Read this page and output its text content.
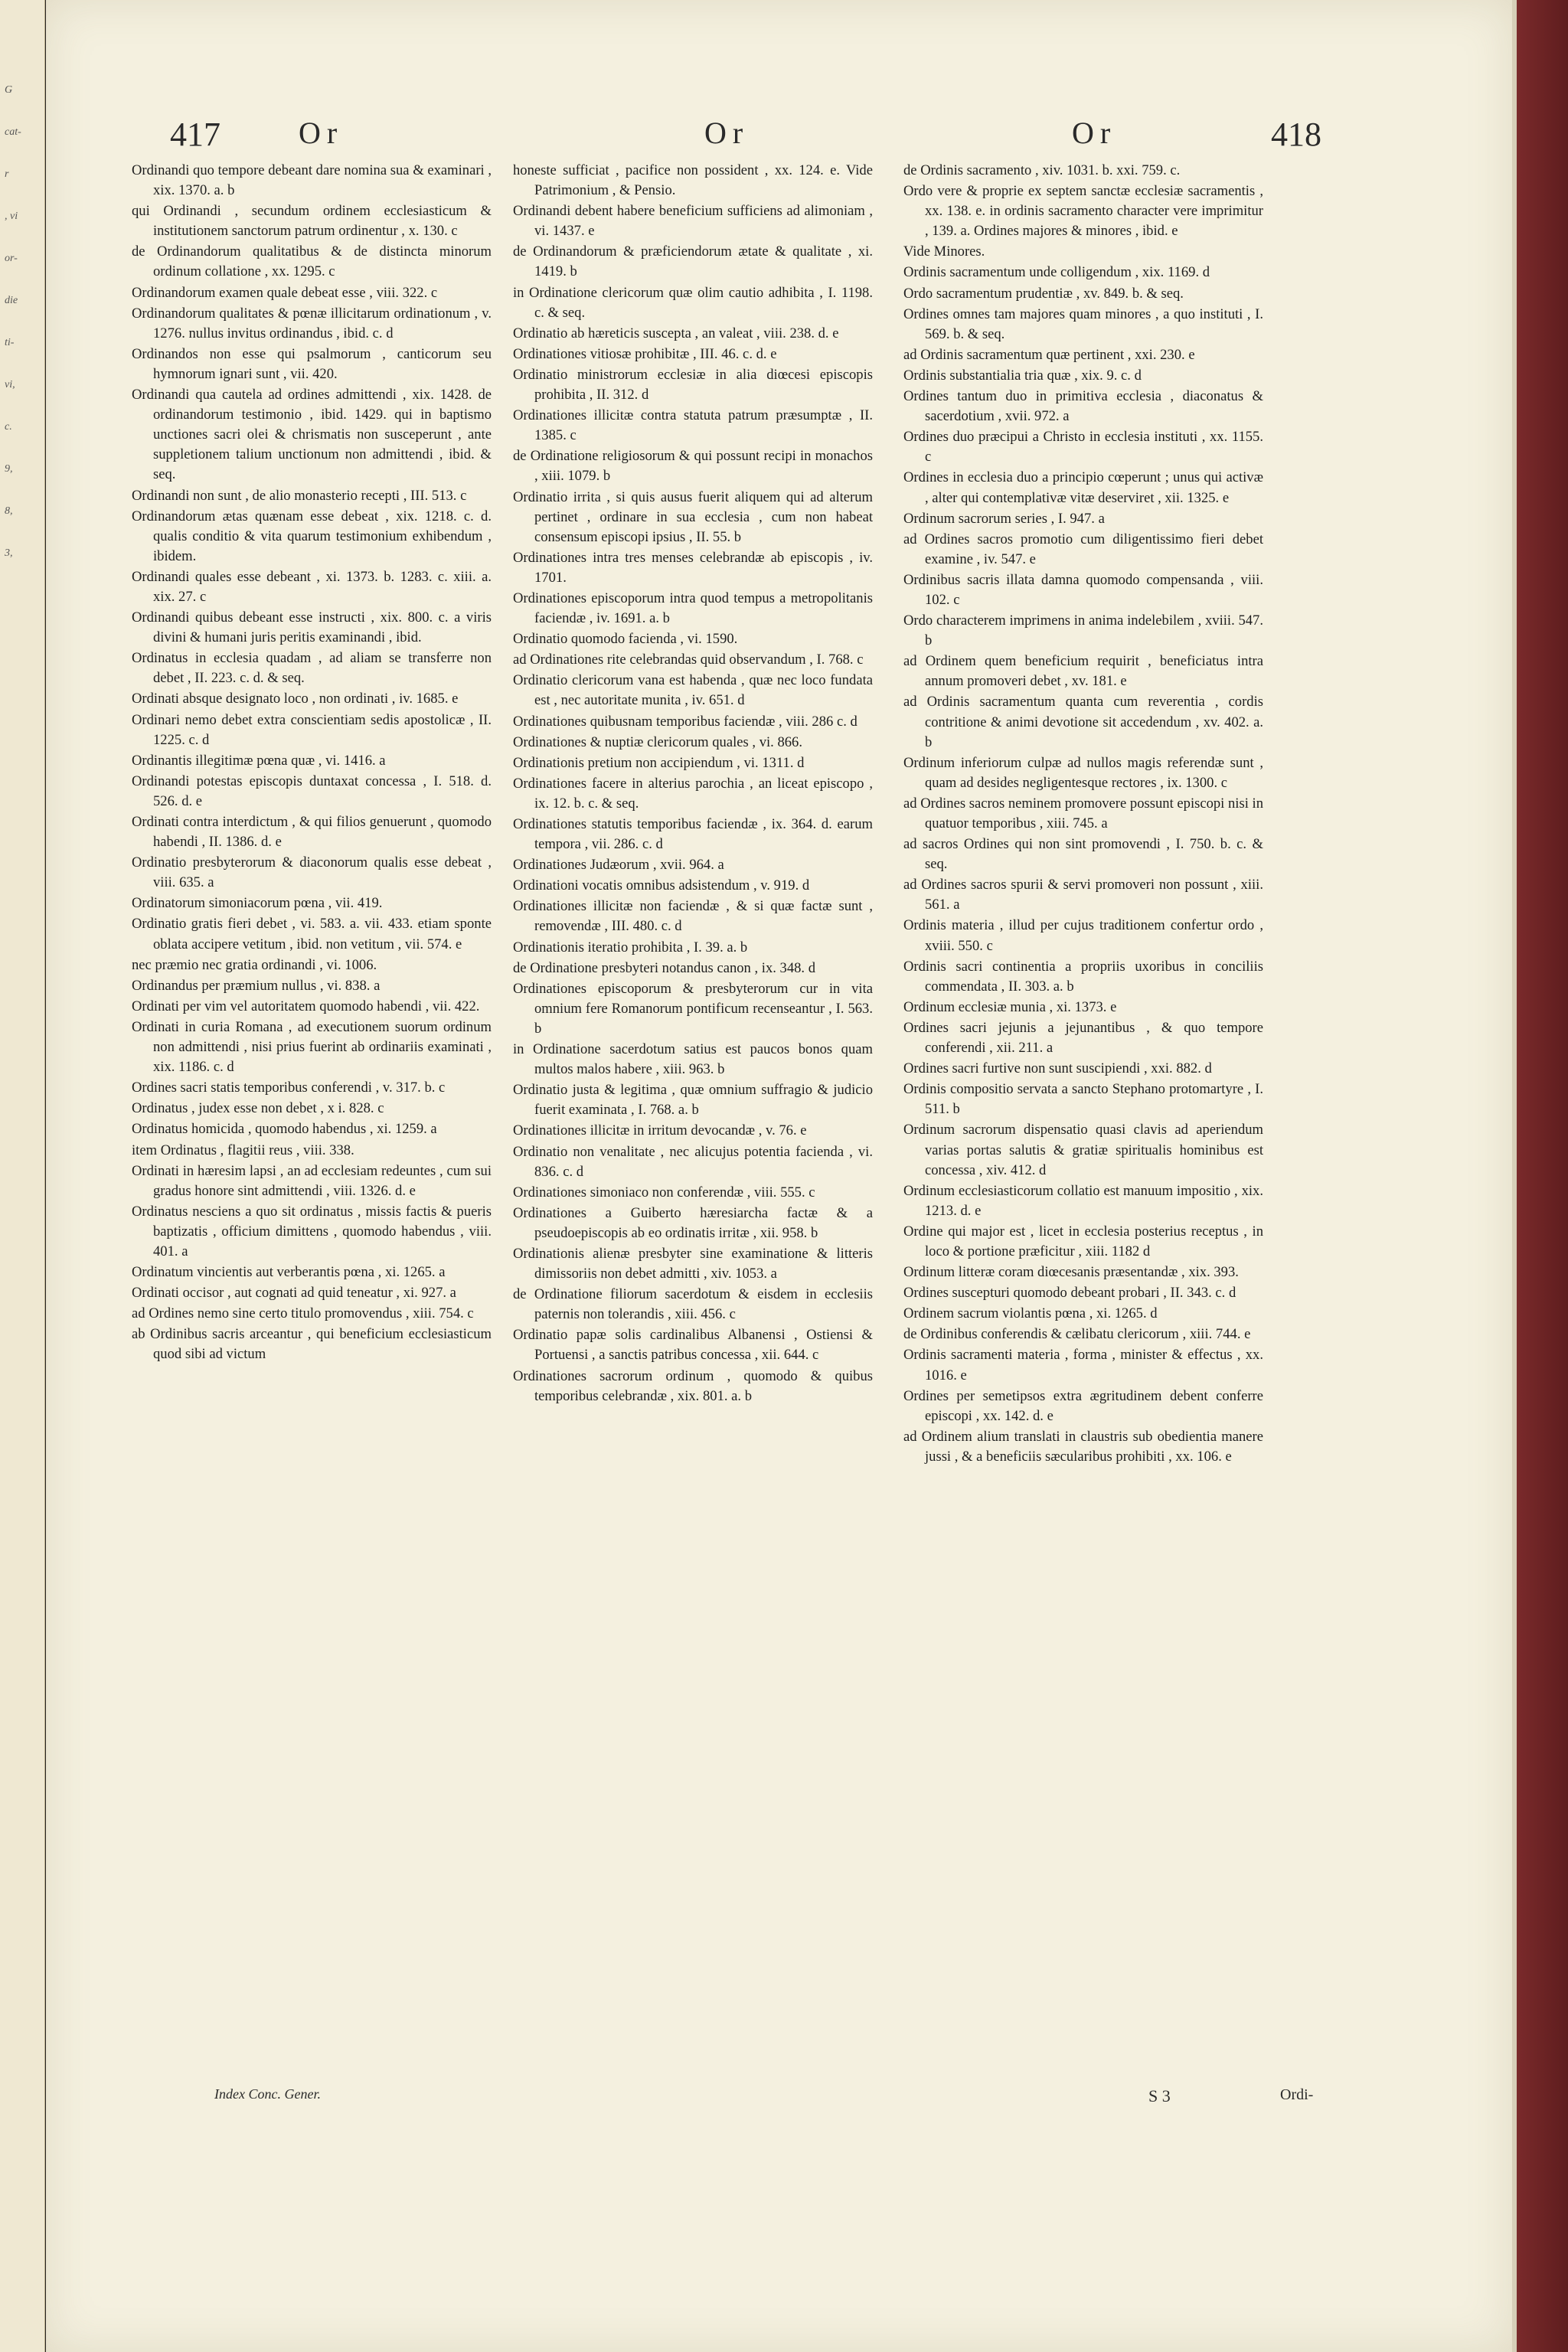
G
cat-
r
, vi
or-
die
ti-
vi,
c.
9,
8,
3,
417	Or	Or	Or	418

Ordinandi quo tempore debeant dare nomina sua & examinari , xix. 1370. a. b

qui Ordinandi , secundum ordinem ecclesiasticum & institutionem sanctorum patrum ordinentur , x. 130. c

de Ordinandorum qualitatibus & de distincta minorum ordinum collatione , xx. 1295. c

Ordinandorum examen quale debeat esse , viii. 322. c

Ordinandorum qualitates & pœnæ illicitarum ordinationum , v. 1276. nullus invitus ordinandus , ibid. c. d

Ordinandos non esse qui psalmorum , canticorum seu hymnorum ignari sunt , vii. 420.

Ordinandi qua cautela ad ordines admittendi , xix. 1428. de ordinandorum testimonio , ibid. 1429. qui in baptismo unctiones sacri olei & chrismatis non susceperunt , ante suppletionem talium unctionum non admittendi , ibid. & seq.

Ordinandi non sunt , de alio monasterio recepti , III. 513. c

Ordinandorum ætas quænam esse debeat , xix. 1218. c. d. qualis conditio & vita quarum testimonium exhibendum , ibidem.

Ordinandi quales esse debeant , xi. 1373. b. 1283. c. xiii. a. xix. 27. c

Ordinandi quibus debeant esse instructi , xix. 800. c. a viris divini & humani juris peritis examinandi , ibid.

Ordinatus in ecclesia quadam , ad aliam se transferre non debet , II. 223. c. d. & seq.

Ordinati absque designato loco , non ordinati , iv. 1685. e

Ordinari nemo debet extra conscientiam sedis apostolicæ , II. 1225. c. d

Ordinantis illegitimæ pœna quæ , vi. 1416. a

Ordinandi potestas episcopis duntaxat concessa , I. 518. d. 526. d. e

Ordinati contra interdictum , & qui filios genuerunt , quomodo habendi , II. 1386. d. e

Ordinatio presbyterorum & diaconorum qualis esse debeat , viii. 635. a

Ordinatorum simoniacorum pœna , vii. 419.

Ordinatio gratis fieri debet , vi. 583. a. vii. 433. etiam sponte oblata accipere vetitum , ibid. non vetitum , vii. 574. e

nec præmio nec gratia ordinandi , vi. 1006.

Ordinandus per præmium nullus , vi. 838. a

Ordinati per vim vel autoritatem quomodo habendi , vii. 422.

Ordinati in curia Romana , ad executionem suorum ordinum non admittendi , nisi prius fuerint ab ordinariis examinati , xix. 1186. c. d

Ordines sacri statis temporibus conferendi , v. 317. b. c

Ordinatus , judex esse non debet , x i. 828. c

Ordinatus homicida , quomodo habendus , xi. 1259. a

item Ordinatus , flagitii reus , viii. 338.

Ordinati in hæresim lapsi , an ad ecclesiam redeuntes , cum sui gradus honore sint admittendi , viii. 1326. d. e

Ordinatus nesciens a quo sit ordinatus , missis factis & pueris baptizatis , officium dimittens , quomodo habendus , viii. 401. a

Ordinatum vincientis aut verberantis pœna , xi. 1265. a

Ordinati occisor , aut cognati ad quid teneatur , xi. 927. a

ad Ordines nemo sine certo titulo promovendus , xiii. 754. c

ab Ordinibus sacris arceantur , qui beneficium ecclesiasticum quod sibi ad victum

honeste sufficiat , pacifice non possident , xx. 124. e. Vide Patrimonium , & Pensio.

Ordinandi debent habere beneficium sufficiens ad alimoniam , vi. 1437. e

de Ordinandorum & præficiendorum ætate & qualitate , xi. 1419. b

in Ordinatione clericorum quæ olim cautio adhibita , I. 1198. c. & seq.

Ordinatio ab hæreticis suscepta , an valeat , viii. 238. d. e

Ordinationes vitiosæ prohibitæ , III. 46. c. d. e

Ordinatio ministrorum ecclesiæ in alia diœcesi episcopis prohibita , II. 312. d

Ordinationes illicitæ contra statuta patrum præsumptæ , II. 1385. c

de Ordinatione religiosorum & qui possunt recipi in monachos , xiii. 1079. b

Ordinatio irrita , si quis ausus fuerit aliquem qui ad alterum pertinet , ordinare in sua ecclesia , cum non habeat consensum episcopi ipsius , II. 55. b

Ordinationes intra tres menses celebrandæ ab episcopis , iv. 1701.

Ordinationes episcoporum intra quod tempus a metropolitanis faciendæ , iv. 1691. a. b

Ordinatio quomodo facienda , vi. 1590.

ad Ordinationes rite celebrandas quid observandum , I. 768. c

Ordinatio clericorum vana est habenda , quæ nec loco fundata est , nec autoritate munita , iv. 651. d

Ordinationes quibusnam temporibus faciendæ , viii. 286 c. d

Ordinationes & nuptiæ clericorum quales , vi. 866.

Ordinationis pretium non accipiendum , vi. 1311. d

Ordinationes facere in alterius parochia , an liceat episcopo , ix. 12. b. c. & seq.

Ordinationes statutis temporibus faciendæ , ix. 364. d. earum tempora , vii. 286. c. d

Ordinationes Judæorum , xvii. 964. a

Ordinationi vocatis omnibus adsistendum , v. 919. d

Ordinationes illicitæ non faciendæ , & si quæ factæ sunt , removendæ , III. 480. c. d

Ordinationis iteratio prohibita , I. 39. a. b

de Ordinatione presbyteri notandus canon , ix. 348. d

Ordinationes episcoporum & presbyterorum cur in vita omnium fere Romanorum pontificum recenseantur , I. 563. b

in Ordinatione sacerdotum satius est paucos bonos quam multos malos habere , xiii. 963. b

Ordinatio justa & legitima , quæ omnium suffragio & judicio fuerit examinata , I. 768. a. b

Ordinationes illicitæ in irritum devocandæ , v. 76. e

Ordinatio non venalitate , nec alicujus potentia facienda , vi. 836. c. d

Ordinationes simoniaco non conferendæ , viii. 555. c

Ordinationes a Guiberto hæresiarcha factæ & a pseudoepiscopis ab eo ordinatis irritæ , xii. 958. b

Ordinationis alienæ presbyter sine examinatione & litteris dimissoriis non debet admitti , xiv. 1053. a

de Ordinatione filiorum sacerdotum & eisdem in ecclesiis paternis non tolerandis , xiii. 456. c

Ordinatio papæ solis cardinalibus Albanensi , Ostiensi & Portuensi , a sanctis patribus concessa , xii. 644. c

Ordinationes sacrorum ordinum , quomodo & quibus temporibus celebrandæ , xix. 801. a. b

de Ordinis sacramento , xiv. 1031. b. xxi. 759. c.

Ordo vere & proprie ex septem sanctæ ecclesiæ sacramentis , xx. 138. e. in ordinis sacramento character vere imprimitur , 139. a. Ordines majores & minores , ibid. e

Vide Minores.

Ordinis sacramentum unde colligendum , xix. 1169. d

Ordo sacramentum prudentiæ , xv. 849. b. & seq.

Ordines omnes tam majores quam minores , a quo instituti , I. 569. b. & seq.

ad Ordinis sacramentum quæ pertinent , xxi. 230. e

Ordinis substantialia tria quæ , xix. 9. c. d

Ordines tantum duo in primitiva ecclesia , diaconatus & sacerdotium , xvii. 972. a

Ordines duo præcipui a Christo in ecclesia instituti , xx. 1155. c

Ordines in ecclesia duo a principio cœperunt ; unus qui activæ , alter qui contemplativæ vitæ deserviret , xii. 1325. e

Ordinum sacrorum series , I. 947. a

ad Ordines sacros promotio cum diligentissimo fieri debet examine , iv. 547. e

Ordinibus sacris illata damna quomodo compensanda , viii. 102. c

Ordo characterem imprimens in anima indelebilem , xviii. 547. b

ad Ordinem quem beneficium requirit , beneficiatus intra annum promoveri debet , xv. 181. e

ad Ordinis sacramentum quanta cum reverentia , cordis contritione & animi devotione sit accedendum , xv. 402. a. b

Ordinum inferiorum culpæ ad nullos magis referendæ sunt , quam ad desides negligentesque rectores , ix. 1300. c

ad Ordines sacros neminem promovere possunt episcopi nisi in quatuor temporibus , xiii. 745. a

ad sacros Ordines qui non sint promovendi , I. 750. b. c. & seq.

ad Ordines sacros spurii & servi promoveri non possunt , xiii. 561. a

Ordinis materia , illud per cujus traditionem confertur ordo , xviii. 550. c

Ordinis sacri continentia a propriis uxoribus in conciliis commendata , II. 303. a. b

Ordinum ecclesiæ munia , xi. 1373. e

Ordines sacri jejunis a jejunantibus , & quo tempore conferendi , xii. 211. a

Ordines sacri furtive non sunt suscipiendi , xxi. 882. d

Ordinis compositio servata a sancto Stephano protomartyre , I. 511. b

Ordinum sacrorum dispensatio quasi clavis ad aperiendum varias portas salutis & gratiæ spiritualis hominibus est concessa , xiv. 412. d

Ordinum ecclesiasticorum collatio est manuum impositio , xix. 1213. d. e

Ordine qui major est , licet in ecclesia posterius receptus , in loco & portione præficitur , xiii. 1182 d

Ordinum litteræ coram diœcesanis præsentandæ , xix. 393.

Ordines suscepturi quomodo debeant probari , II. 343. c. d

Ordinem sacrum violantis pœna , xi. 1265. d

de Ordinibus conferendis & cælibatu clericorum , xiii. 744. e

Ordinis sacramenti materia , forma , minister & effectus , xx. 1016. e

Ordines per semetipsos extra ægritudinem debent conferre episcopi , xx. 142. d. e

ad Ordinem alium translati in claustris sub obedientia manere jussi , & a beneficiis sæcularibus prohibiti , xx. 106. e

Index Conc. Gener.	S 3	Ordi-
